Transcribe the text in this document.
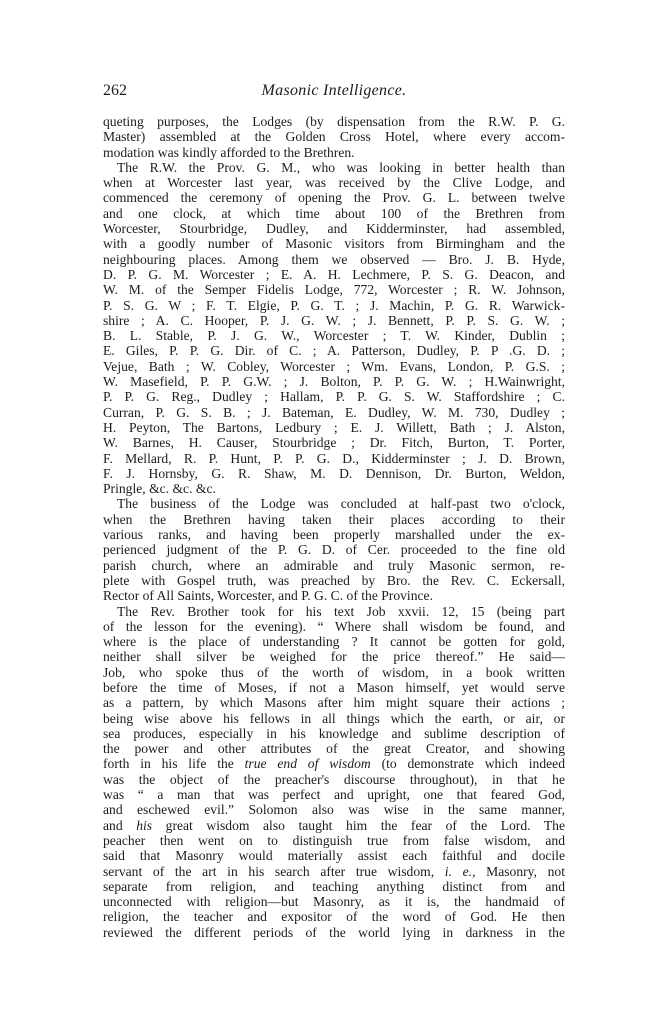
262	Masonic Intelligence.
queting purposes, the Lodges (by dispensation from the R.W. P. G.
Master) assembled at the Golden Cross Hotel, where every accom-
modation was kindly afforded to the Brethren.
The R.W. the Prov. G. M., who was looking in better health than
when at Worcester last year, was received by the Clive Lodge, and
commenced the ceremony of opening the Prov. G. L. between twelve
and one clock, at which time about 100 of the Brethren from
Worcester, Stourbridge, Dudley, and Kidderminster, had assembled,
with a goodly number of Masonic visitors from Birmingham and the
neighbouring places. Among them we observed — Bro. J. B. Hyde,
D. P. G. M. Worcester ; E. A. H. Lechmere, P. S. G. Deacon, and
W. M. of the Semper Fidelis Lodge, 772, Worcester ; R. W. Johnson,
P. S. G. W ; F. T. Elgie, P. G. T. ; J. Machin, P. G. R. Warwick-
shire ; A. C. Hooper, P. J. G. W. ; J. Bennett, P. P. S. G. W. ;
B. L. Stable, P. J. G. W., Worcester ; T. W. Kinder, Dublin ;
E. Giles, P. P. G. Dir. of C. ; A. Patterson, Dudley, P. P .G. D. ;
Vejue, Bath ; W. Cobley, Worcester ; Wm. Evans, London, P. G.S. ;
W. Masefield, P. P. G.W. ; J. Bolton, P. P. G. W. ; H.Wainwright,
P. P. G. Reg., Dudley ; Hallam, P. P. G. S. W. Staffordshire ; C.
Curran, P. G. S. B. ; J. Bateman, E. Dudley, W. M. 730, Dudley ;
H. Peyton, The Bartons, Ledbury ; E. J. Willett, Bath ; J. Alston,
W. Barnes, H. Causer, Stourbridge ; Dr. Fitch, Burton, T. Porter,
F. Mellard, R. P. Hunt, P. P. G. D., Kidderminster ; J. D. Brown,
F. J. Hornsby, G. R. Shaw, M. D. Dennison, Dr. Burton, Weldon,
Pringle, &c. &c. &c.
The business of the Lodge was concluded at half-past two o'clock,
when the Brethren having taken their places according to their
various ranks, and having been properly marshalled under the ex-
perienced judgment of the P. G. D. of Cer. proceeded to the fine old
parish church, where an admirable and truly Masonic sermon, re-
plete with Gospel truth, was preached by Bro. the Rev. C. Eckersall,
Rector of All Saints, Worcester, and P. G. C. of the Province.
The Rev. Brother took for his text Job xxvii. 12, 15 (being part
of the lesson for the evening). “ Where shall wisdom be found, and
where is the place of understanding ? It cannot be gotten for gold,
neither shall silver be weighed for the price thereof.” He said—
Job, who spoke thus of the worth of wisdom, in a book written
before the time of Moses, if not a Mason himself, yet would serve
as a pattern, by which Masons after him might square their actions ;
being wise above his fellows in all things which the earth, or air, or
sea produces, especially in his knowledge and sublime description of
the power and other attributes of the great Creator, and showing
forth in his life the true end of wisdom (to demonstrate which indeed
was the object of the preacher's discourse throughout), in that he
was “ a man that was perfect and upright, one that feared God,
and eschewed evil.” Solomon also was wise in the same manner,
and his great wisdom also taught him the fear of the Lord. The
peacher then went on to distinguish true from false wisdom, and
said that Masonry would materially assist each faithful and docile
servant of the art in his search after true wisdom, i. e., Masonry, not
separate from religion, and teaching anything distinct from and
unconnected with religion—but Masonry, as it is, the handmaid of
religion, the teacher and expositor of the word of God. He then
reviewed the different periods of the world lying in darkness in the
